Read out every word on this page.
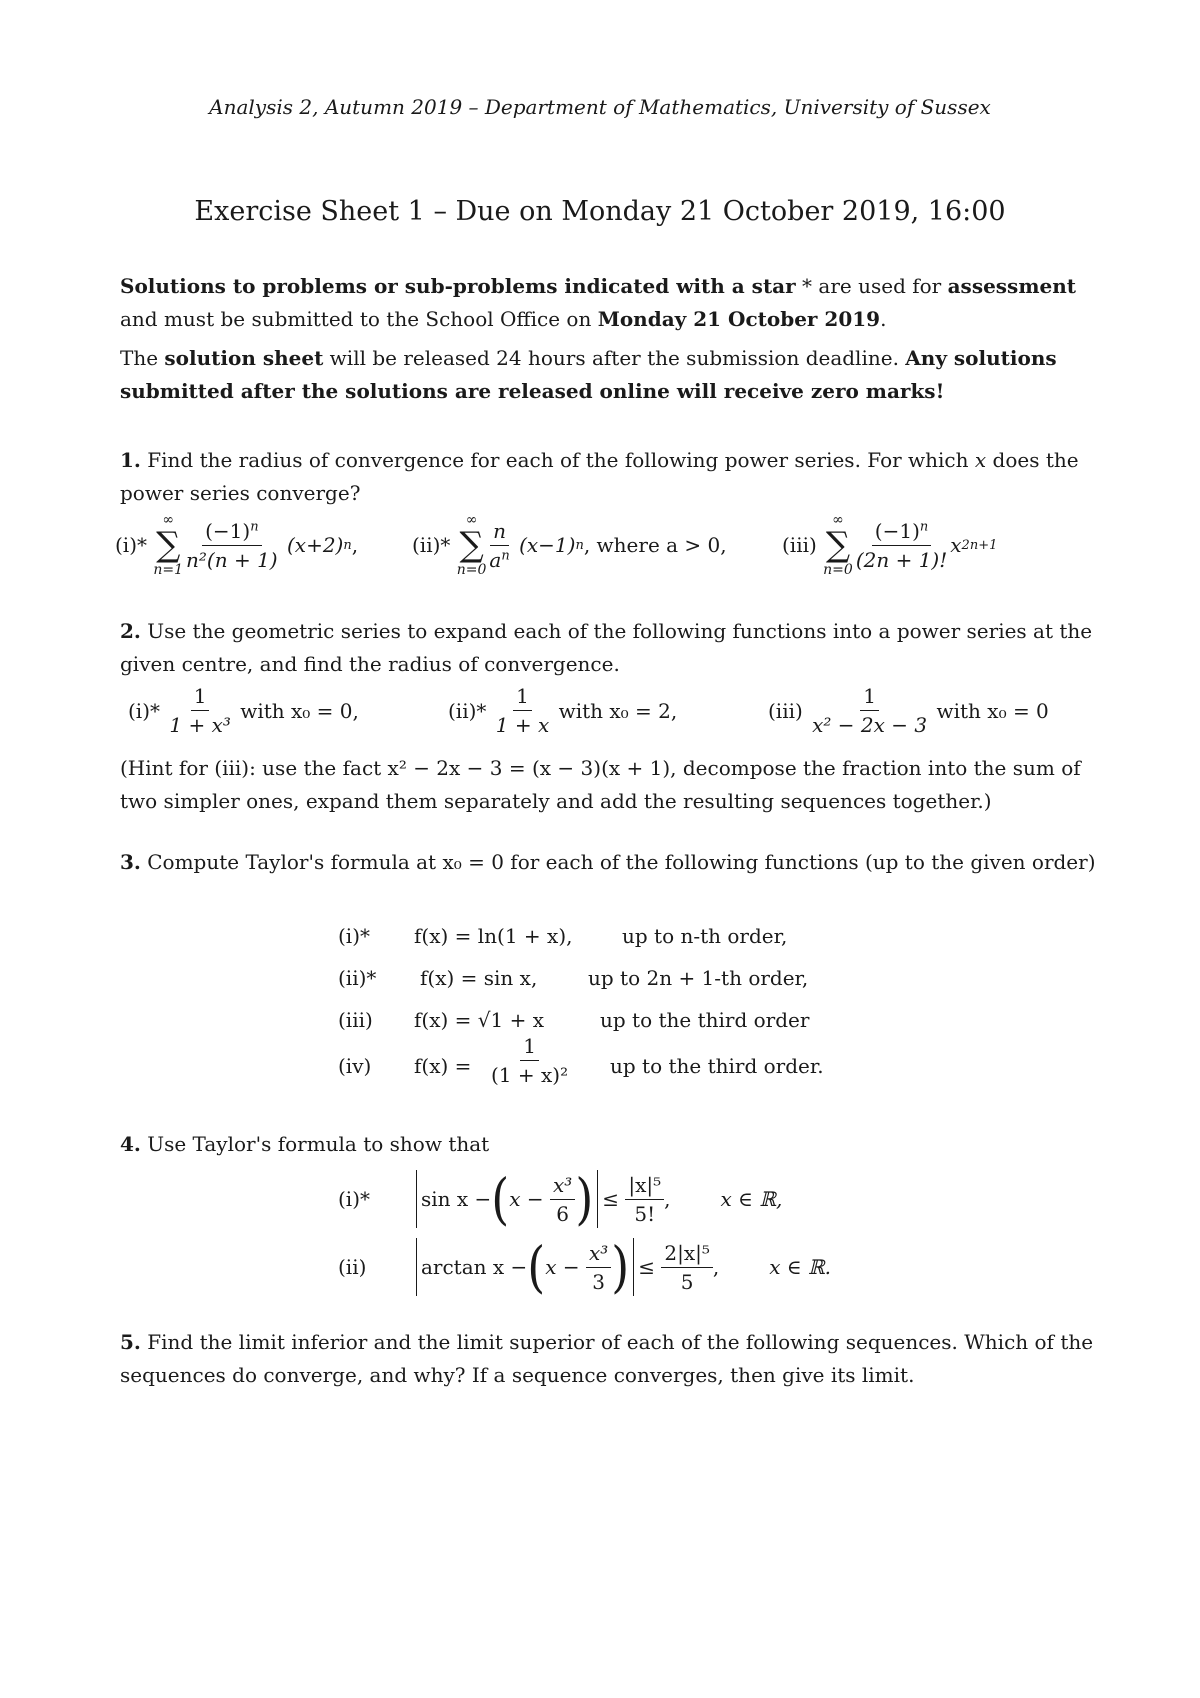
Analysis 2, Autumn 2019 – Department of Mathematics, University of Sussex
Exercise Sheet 1 – Due on Monday 21 October 2019, 16:00
Solutions to problems or sub-problems indicated with a star * are used for assessment
and must be submitted to the School Office on Monday 21 October 2019.
The solution sheet will be released 24 hours after the submission deadline. Any solutions submitted after the solutions are released online will receive zero marks!
1. Find the radius of convergence for each of the following power series. For which x does the power series converge?
(i)*

∞
∑
$n=1 \frac{(-1)^n}{\text{n²(n + 1)}}$
(x+2) n ,	(ii)*

∞
∑
$n=0 \frac{n}{a^n}$
(x−1) n , where a > 0,	(iii)

∞
∑
$n=0 \frac{(-1)^n}{(2n + 1)!}$ x 2n+1
2. Use the geometric series to expand each of the following functions into a power series at the given centre, and find the radius of convergence.
(i)*
$\frac{1}{\text{1 + x³}}$
with x₀ = 0,	(ii)*
$\frac{1}{1 + x}$
with x₀ = 2,	(iii)
$\frac{1}{\text{x² − 2x − 3}}$
with x₀ = 0
(Hint for (iii): use the fact x² − 2x − 3 = (x − 3)(x + 1), decompose the fraction into the sum of two simpler ones, expand them separately and add the resulting sequences together.)
3. Compute Taylor's formula at x₀ = 0 for each of the following functions (up to the given order)
(i)* f(x) = ln(1 + x), up to n-th order,
(ii)* f(x) = sin x,	up to 2n + 1-th order,
(iii) f(x) = √1 + x	up to the third order
(iv) $f(x) = \frac{1}{\text{(1 + x)²}}$ up to the third order.
4. Use Taylor's formula to show that
(i)*	sin x − ( x −
$\frac{\text{x³}}{6}$ ) ≤
$\frac{\text{|x|⁵}}{5!}$ ,	x ∈ ℝ,
(ii)	arctan x − ( x −
$\frac{\text{x³}}{3}$ ) ≤
$\frac{\text{2|x|⁵}}{5}$ ,	x ∈ ℝ.
5. Find the limit inferior and the limit superior of each of the following sequences. Which of the sequences do converge, and why? If a sequence converges, then give its limit.
